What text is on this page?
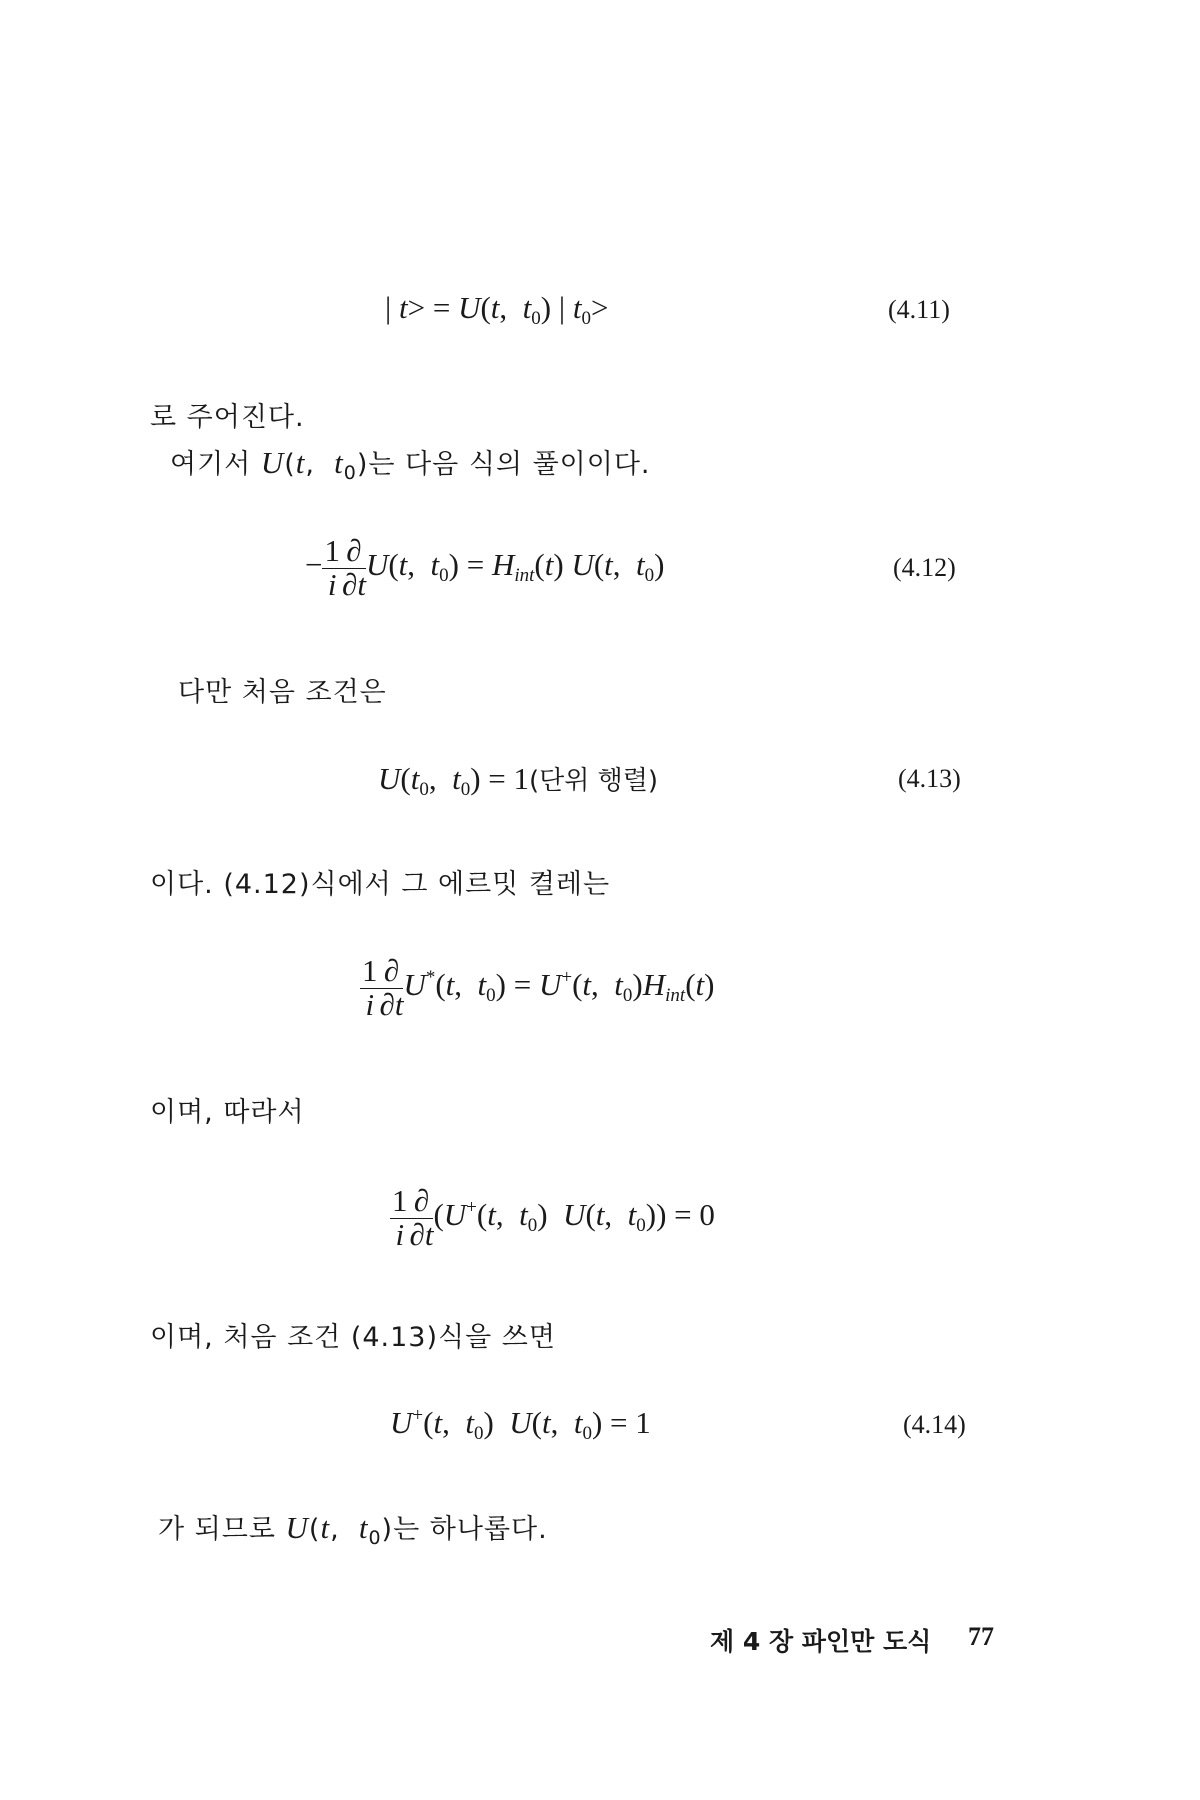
| t> = U(t,  $t_0$) | $t_0>$	(4.11)
로 주어진다.
여기서 U(t,  $t_0$)는 다음 식의 풀이이다.
− $\frac{1}{i} \frac{\partial}{\partial t} U(t$,  $t_0) = H_{int}(t)$ U(t,  $t_0$)	(4.12)
다만 처음 조건은
$U(t_0$,  $t_0) = 1$(단위 행렬)	(4.13)
이다. (4.12)식에서 그 에르밋 켤레는
$\frac{1}{i} \frac{\partial}{\partial t} U^*(t$,  $t_0) = U^+(t$,  $t_0)H_{int}(t)$
이며, 따라서
$\frac{1}{i} \frac{\partial}{\partial t} (U^+(t$,  $t_0$)  U(t,  $t_0)) = 0$
이며, 처음 조건 (4.13)식을 쓰면
U+(t,  $t_0$)  U(t,  $t_0) = 1$	(4.14)
가 되므로 U(t,  $t_0$)는 하나롭다.
제 4 장 파인만 도식 77
